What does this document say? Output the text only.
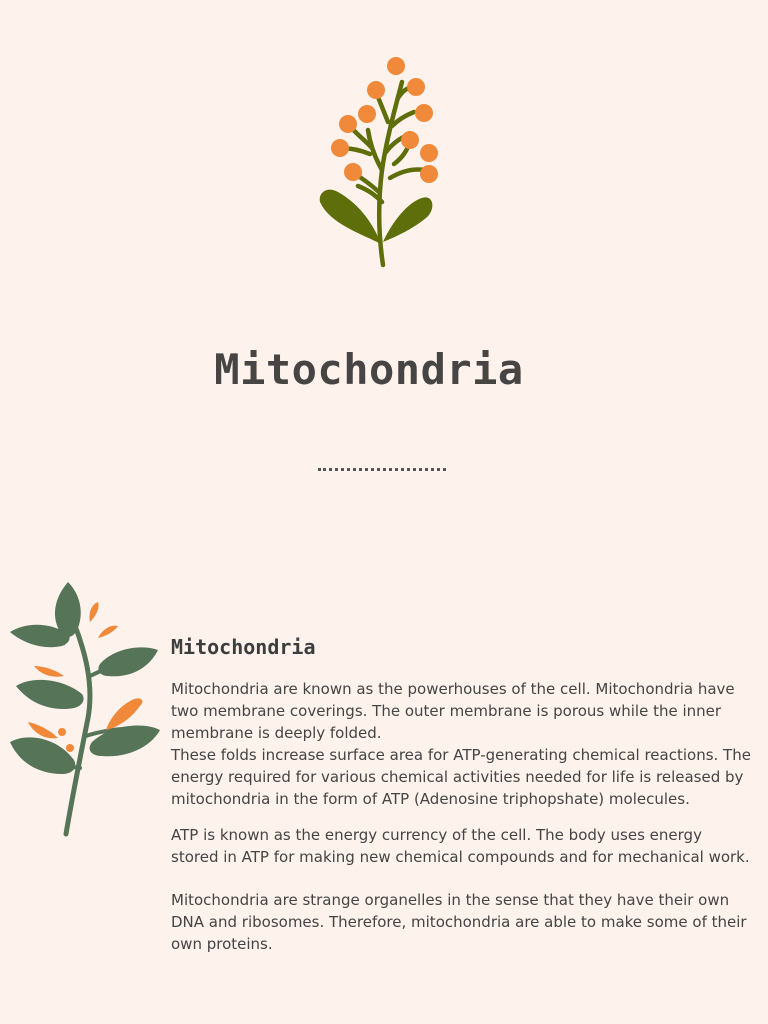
Mitochondria
Mitochondria

Mitochondria are known as the powerhouses of the cell. Mitochondria have two membrane coverings. The outer membrane is porous while the inner membrane is deeply folded.
These folds increase surface area for ATP-generating chemical reactions. The energy required for various chemical activities needed for life is released by mitochondria in the form of ATP (Adenosine triphopshate) molecules.

ATP is known as the energy currency of the cell. The body uses energy stored in ATP for making new chemical compounds and for mechanical work.

Mitochondria are strange organelles in the sense that they have their own DNA and ribosomes. Therefore, mitochondria are able to make some of their own proteins.
